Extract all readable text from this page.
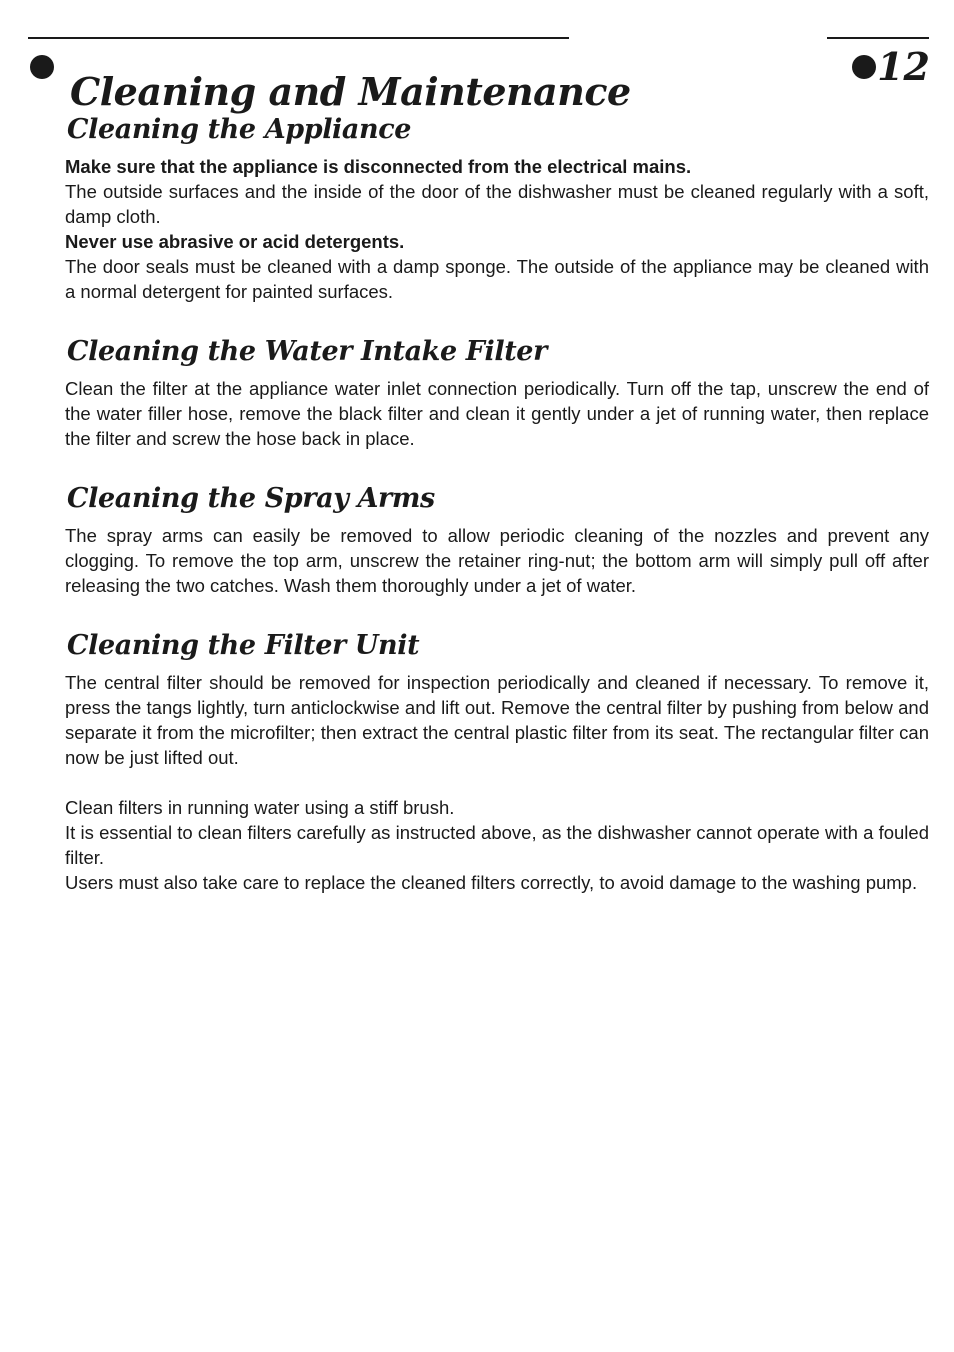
Cleaning and Maintenance
12
Cleaning the Appliance

Make sure that the appliance is disconnected from the electrical mains.

The outside surfaces and the inside of the door of the dishwasher must be cleaned regularly with a soft, damp cloth.

Never use abrasive or acid detergents.

The door seals must be cleaned with a damp sponge. The outside of the appliance may be cleaned with a normal detergent for painted surfaces.

Cleaning the Water Intake Filter

Clean the filter at the appliance water inlet connection periodically. Turn off the tap, unscrew the end of the water filler hose, remove the black filter and clean it gently under a jet of running water, then replace the filter and screw the hose back in place.

Cleaning the Spray Arms

The spray arms can easily be removed to allow periodic cleaning of the nozzles and prevent any clogging. To remove the top arm, unscrew the retainer ring-nut; the bottom arm will simply pull off after releasing the two catches. Wash them thoroughly under a jet of water.

Cleaning the Filter Unit

The central filter should be removed for inspection periodically and cleaned if necessary. To remove it, press the tangs lightly, turn anticlockwise and lift out. Remove the central filter by pushing from below and separate it from the microfilter; then extract the central plastic filter from its seat. The rectangular filter can now be just lifted out.

Clean filters in running water using a stiff brush.

It is essential to clean filters carefully as instructed above, as the dishwasher cannot operate with a fouled filter.

Users must also take care to replace the cleaned filters correctly, to avoid damage to the washing pump.
